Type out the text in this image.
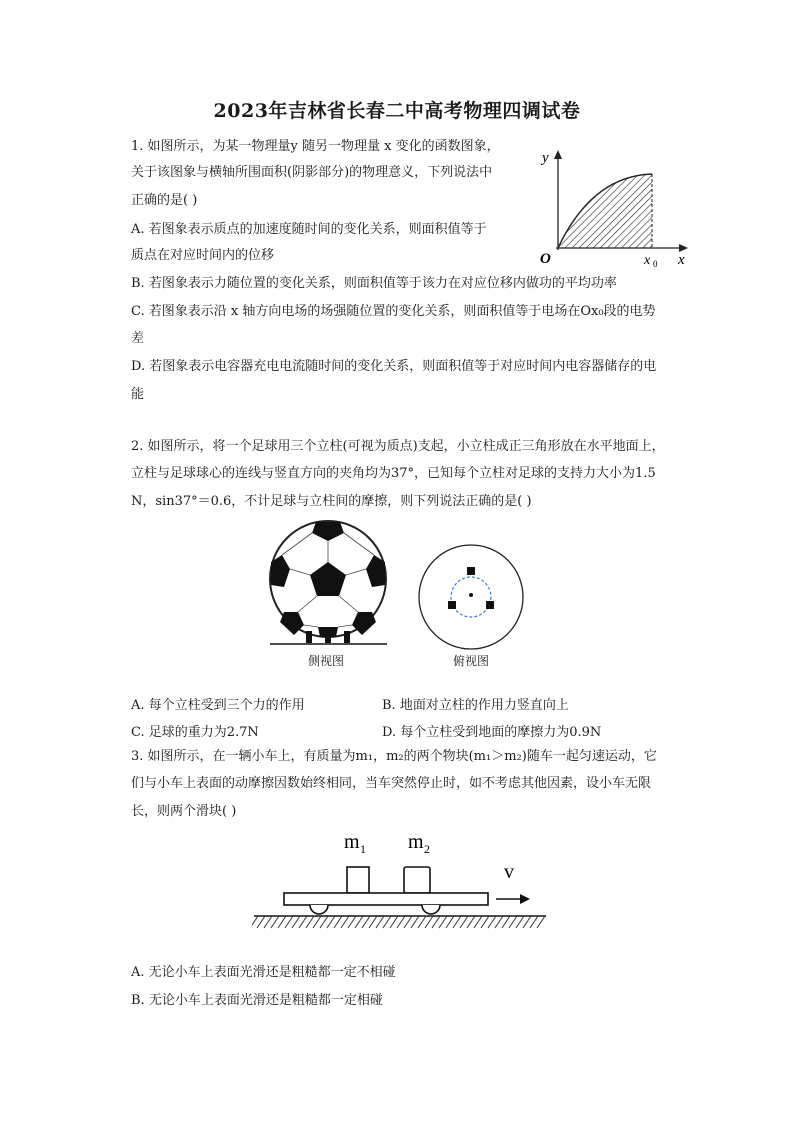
2023年吉林省长春二中高考物理四调试卷
1. 如图所示，为某一物理量y 随另一物理量 x 变化的函数图象，
关于该图象与横轴所围面积(阴影部分)的物理意义，下列说法中
正确的是( )
A. 若图象表示质点的加速度随时间的变化关系，则面积值等于
质点在对应时间内的位移
B. 若图象表示力随位置的变化关系，则面积值等于该力在对应位移内做功的平均功率
C. 若图象表示沿 x 轴方向电场的场强随位置的变化关系，则面积值等于电场在Ox₀段的电势
差
D. 若图象表示电容器充电电流随时间的变化关系，则面积值等于对应时间内电容器储存的电
能
y
x
O	x 0
2. 如图所示，将一个足球用三个立柱(可视为质点)支起，小立柱成正三角形放在水平地面上，
立柱与足球球心的连线与竖直方向的夹角均为37°，已知每个立柱对足球的支持力大小为1.5
N，sin37°＝0.6，不计足球与立柱间的摩擦，则下列说法正确的是( )
侧视图	俯视图
A. 每个立柱受到三个力的作用	B. 地面对立柱的作用力竖直向上
C. 足球的重力为2.7N	D. 每个立柱受到地面的摩擦力为0.9N
3. 如图所示，在一辆小车上，有质量为m₁，m₂的两个物块(m₁＞m₂)随车一起匀速运动，它
们与小车上表面的动摩擦因数始终相同，当车突然停止时，如不考虑其他因素，设小车无限
长，则两个滑块( )
m 1 m 2
v
A. 无论小车上表面光滑还是粗糙都一定不相碰
B. 无论小车上表面光滑还是粗糙都一定相碰
